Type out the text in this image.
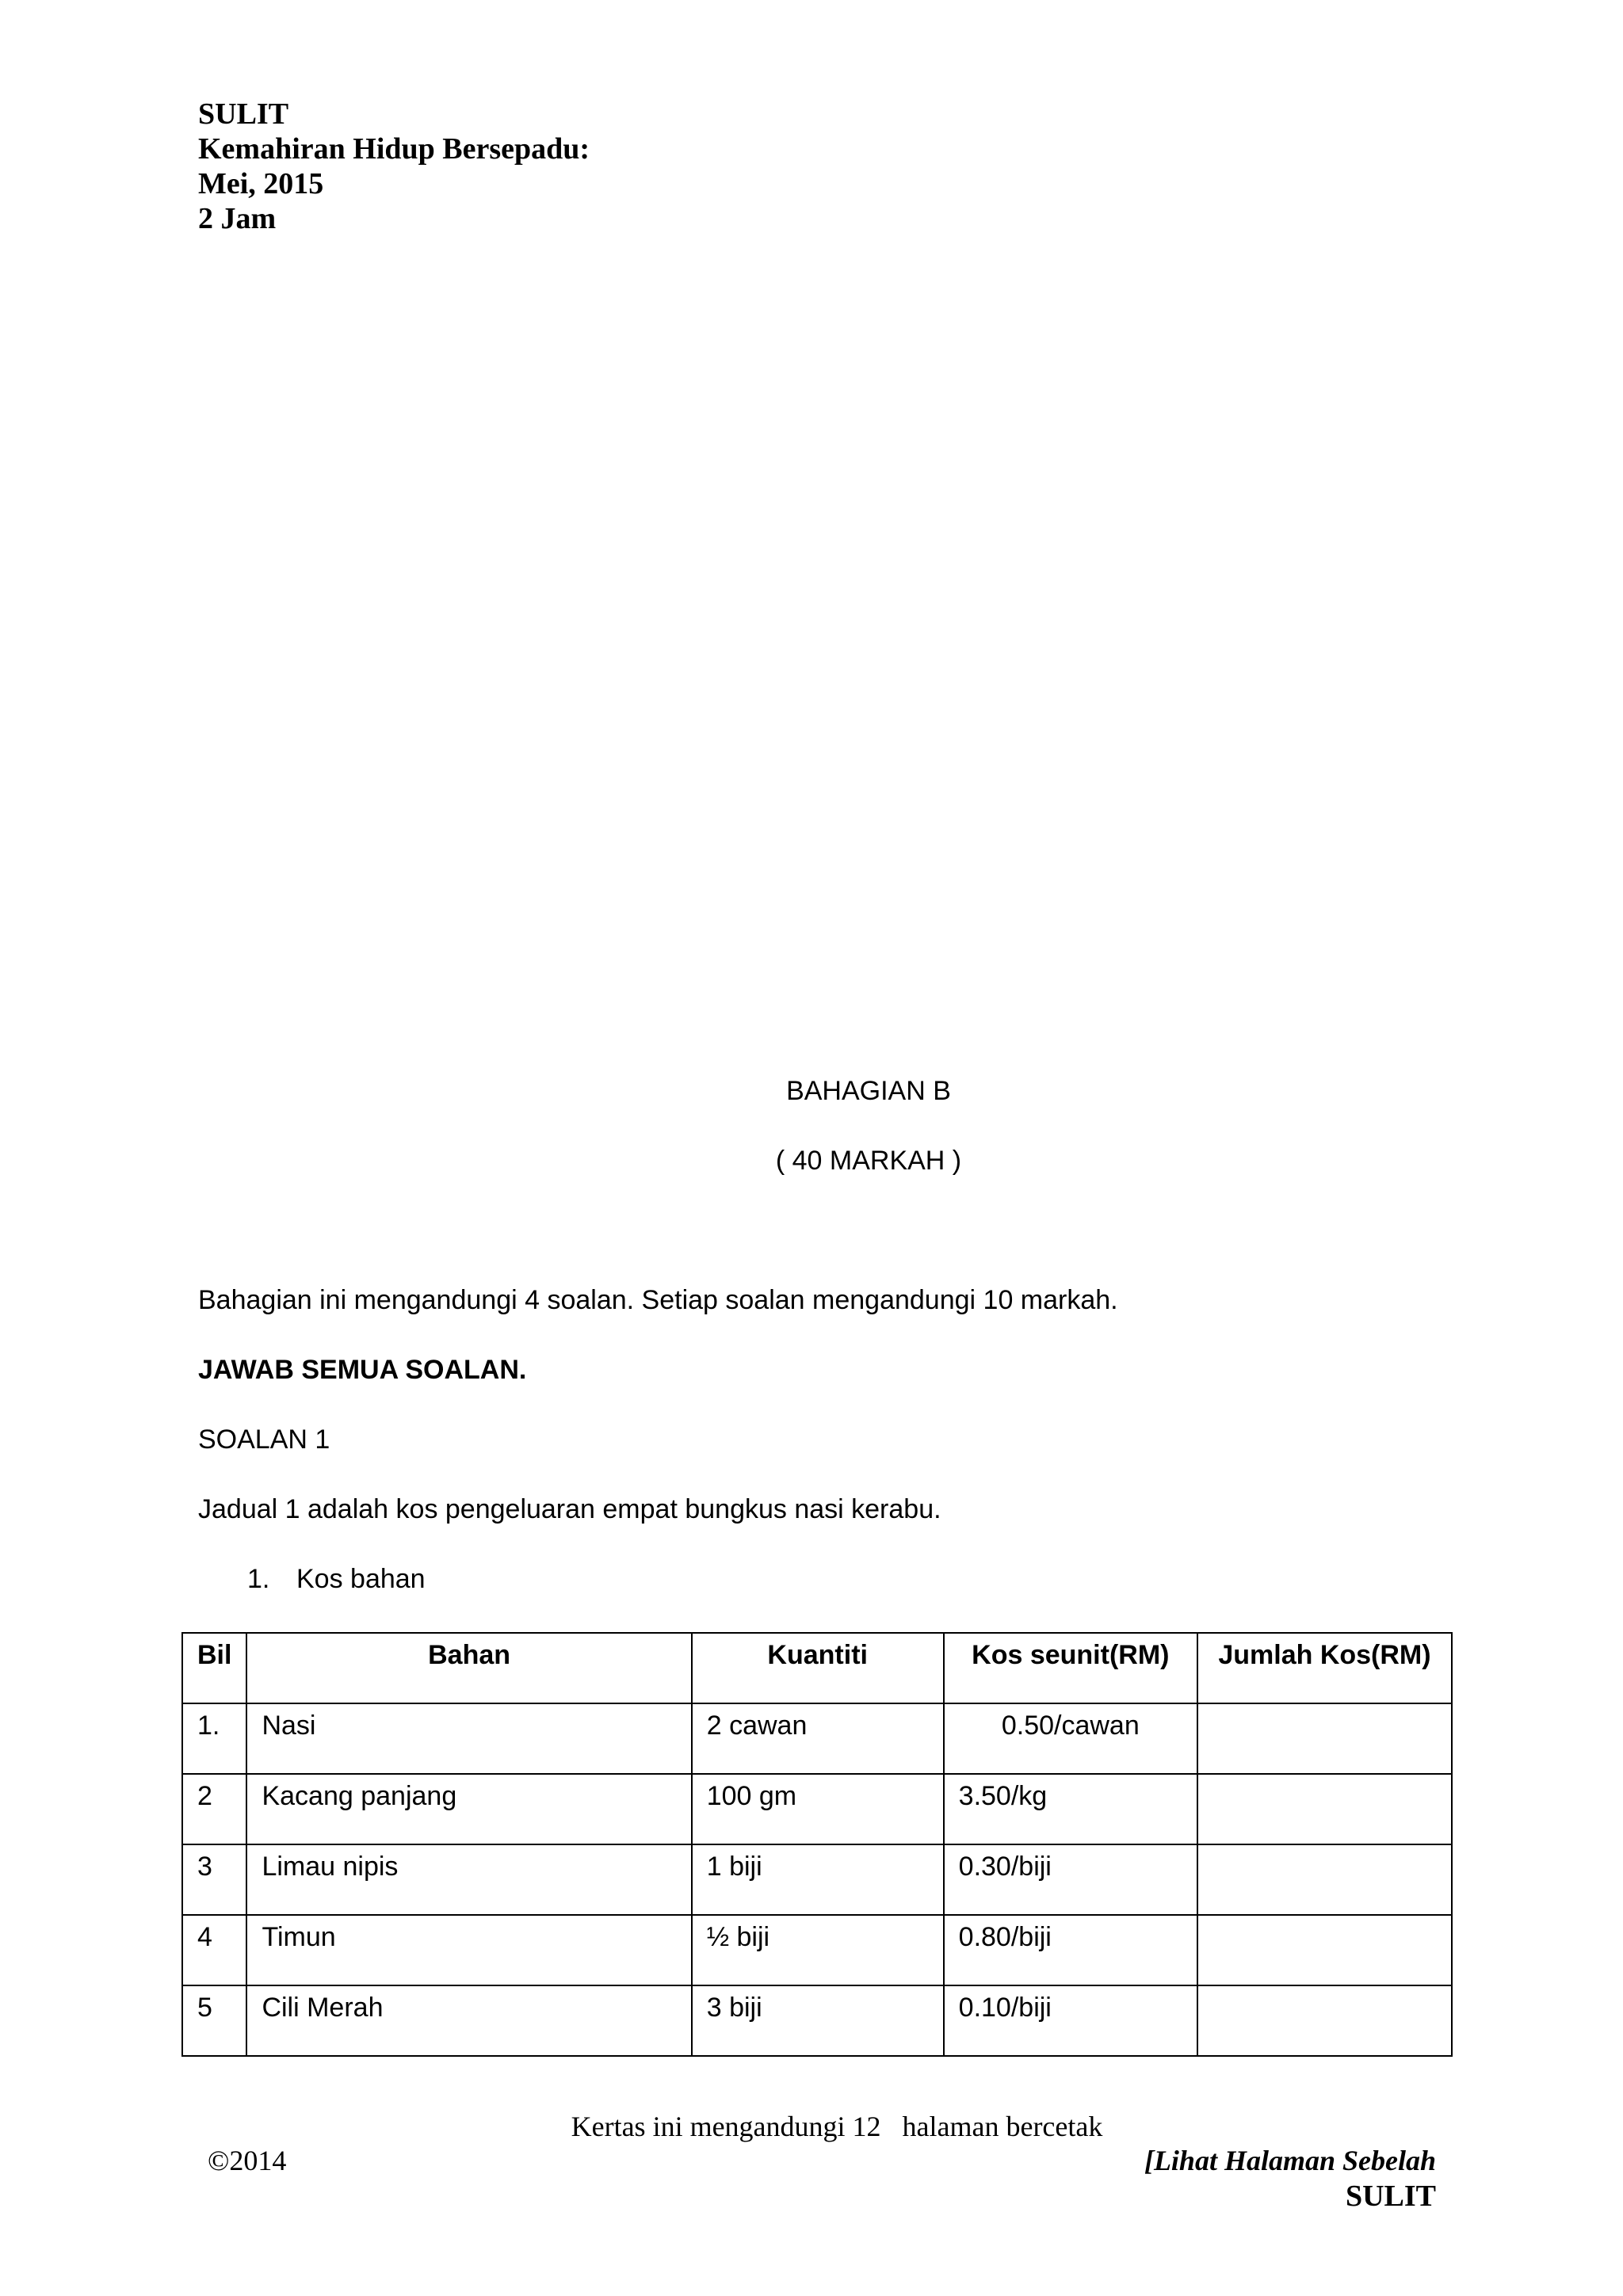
SULIT
Kemahiran Hidup Bersepadu:
Mei, 2015
2 Jam
BAHAGIAN B
( 40 MARKAH )
Bahagian ini mengandungi 4 soalan. Setiap soalan mengandungi 10 markah.
JAWAB SEMUA SOALAN.
SOALAN 1
Jadual 1 adalah kos pengeluaran empat bungkus nasi kerabu.
1. Kos bahan
Bil	Bahan	Kuantiti	Kos seunit(RM)	Jumlah Kos(RM)
1.	Nasi	2 cawan	0.50/cawan	
2	Kacang panjang	100 gm	3.50/kg	
3	Limau nipis	1 biji	0.30/biji	
4	Timun	½ biji	0.80/biji	
5	Cili Merah	3 biji	0.10/biji	
Kertas ini mengandungi 12   halaman bercetak
©2014	[Lihat Halaman Sebelah
SULIT
